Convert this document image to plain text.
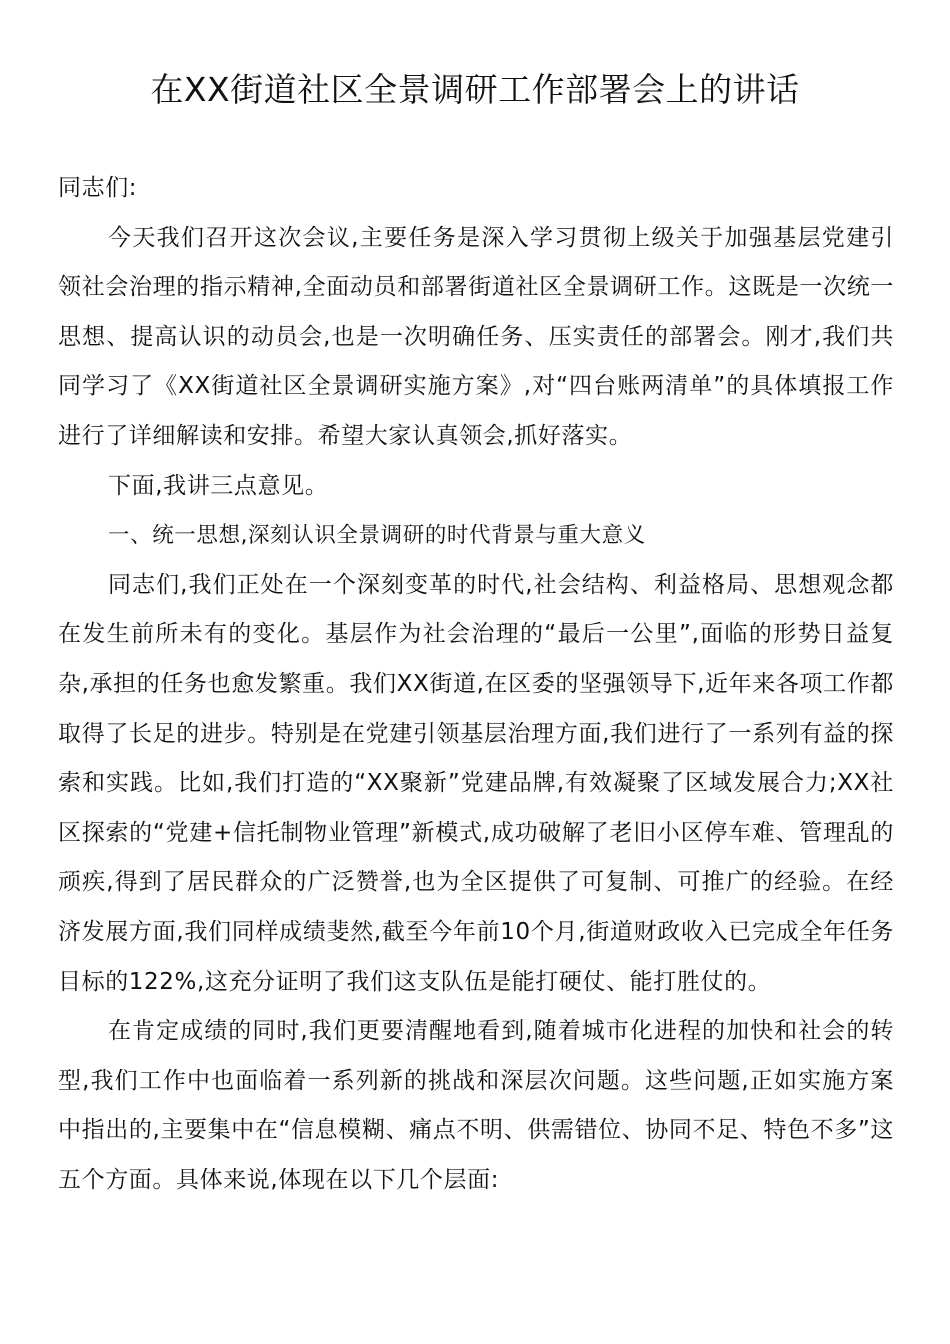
在XX街道社区全景调研工作部署会上的讲话

同志们:

今天我们召开这次会议,主要任务是深入学习贯彻上级关于加强基层党建引领社会治理的指示精神,全面动员和部署街道社区全景调研工作。这既是一次统一思想、提高认识的动员会,也是一次明确任务、压实责任的部署会。刚才,我们共同学习了《XX街道社区全景调研实施方案》,对“四台账两清单”的具体填报工作进行了详细解读和安排。希望大家认真领会,抓好落实。

下面,我讲三点意见。

一、统一思想,深刻认识全景调研的时代背景与重大意义

同志们,我们正处在一个深刻变革的时代,社会结构、利益格局、思想观念都在发生前所未有的变化。基层作为社会治理的“最后一公里”,面临的形势日益复杂,承担的任务也愈发繁重。我们XX街道,在区委的坚强领导下,近年来各项工作都取得了长足的进步。特别是在党建引领基层治理方面,我们进行了一系列有益的探索和实践。比如,我们打造的“XX聚新”党建品牌,有效凝聚了区域发展合力;XX社区探索的“党建+信托制物业管理”新模式,成功破解了老旧小区停车难、管理乱的顽疾,得到了居民群众的广泛赞誉,也为全区提供了可复制、可推广的经验。在经济发展方面,我们同样成绩斐然,截至今年前10个月,街道财政收入已完成全年任务目标的122%,这充分证明了我们这支队伍是能打硬仗、能打胜仗的。

在肯定成绩的同时,我们更要清醒地看到,随着城市化进程的加快和社会的转型,我们工作中也面临着一系列新的挑战和深层次问题。这些问题,正如实施方案中指出的,主要集中在“信息模糊、痛点不明、供需错位、协同不足、特色不多”这五个方面。具体来说,体现在以下几个层面:
